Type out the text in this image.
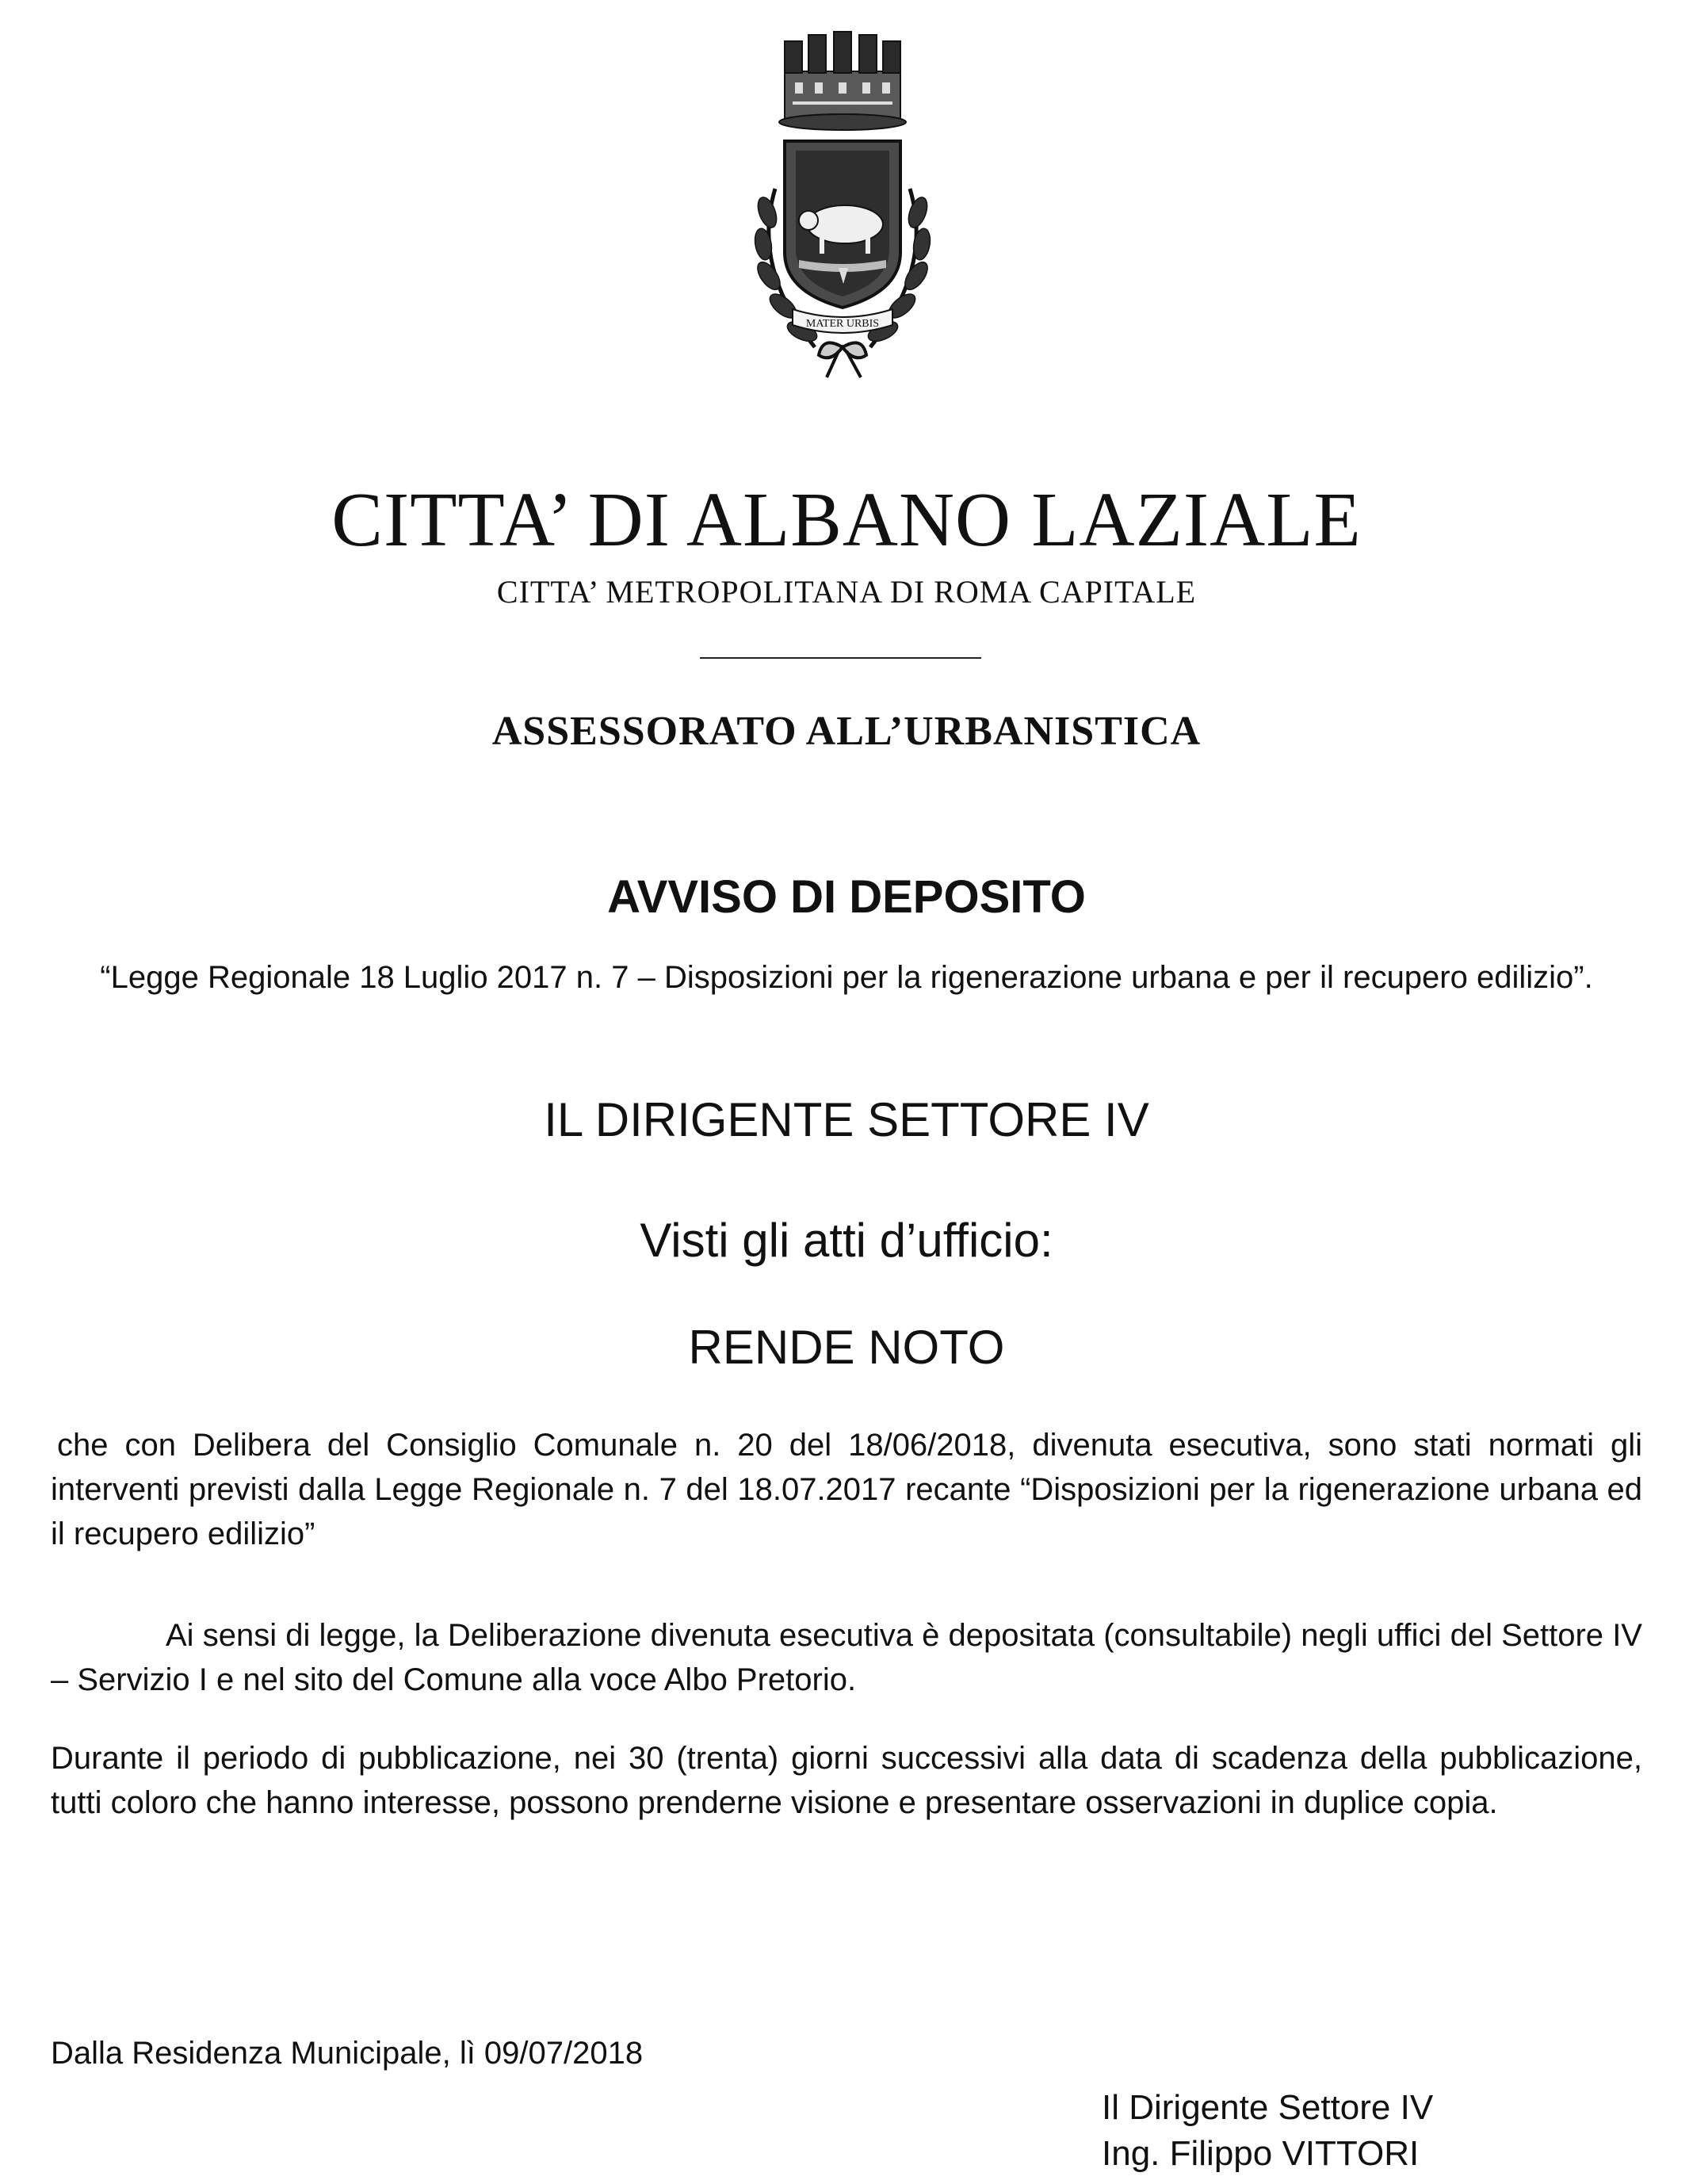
MATER URBIS
CITTA’ DI ALBANO LAZIALE
CITTA’ METROPOLITANA DI ROMA CAPITALE
ASSESSORATO ALL’URBANISTICA
AVVISO DI DEPOSITO
“Legge Regionale 18 Luglio 2017 n. 7 – Disposizioni per la rigenerazione urbana e per il recupero edilizio”.
IL DIRIGENTE SETTORE IV
Visti gli atti d’ufficio:
RENDE NOTO
che con Delibera del Consiglio Comunale n. 20 del 18/06/2018, divenuta esecutiva, sono stati normati gli interventi previsti dalla Legge Regionale n. 7 del 18.07.2017 recante “Disposizioni per la rigenerazione urbana ed il recupero edilizio”
Ai sensi di legge, la Deliberazione divenuta esecutiva è depositata (consultabile) negli uffici del Settore IV – Servizio I e nel sito del Comune alla voce Albo Pretorio.
Durante il periodo di pubblicazione, nei 30 (trenta) giorni successivi alla data di scadenza della pubblicazione, tutti coloro che hanno interesse, possono prenderne visione e presentare osservazioni in duplice copia.
Dalla Residenza Municipale, lì 09/07/2018
Il Dirigente Settore IV
Ing. Filippo VITTORI
